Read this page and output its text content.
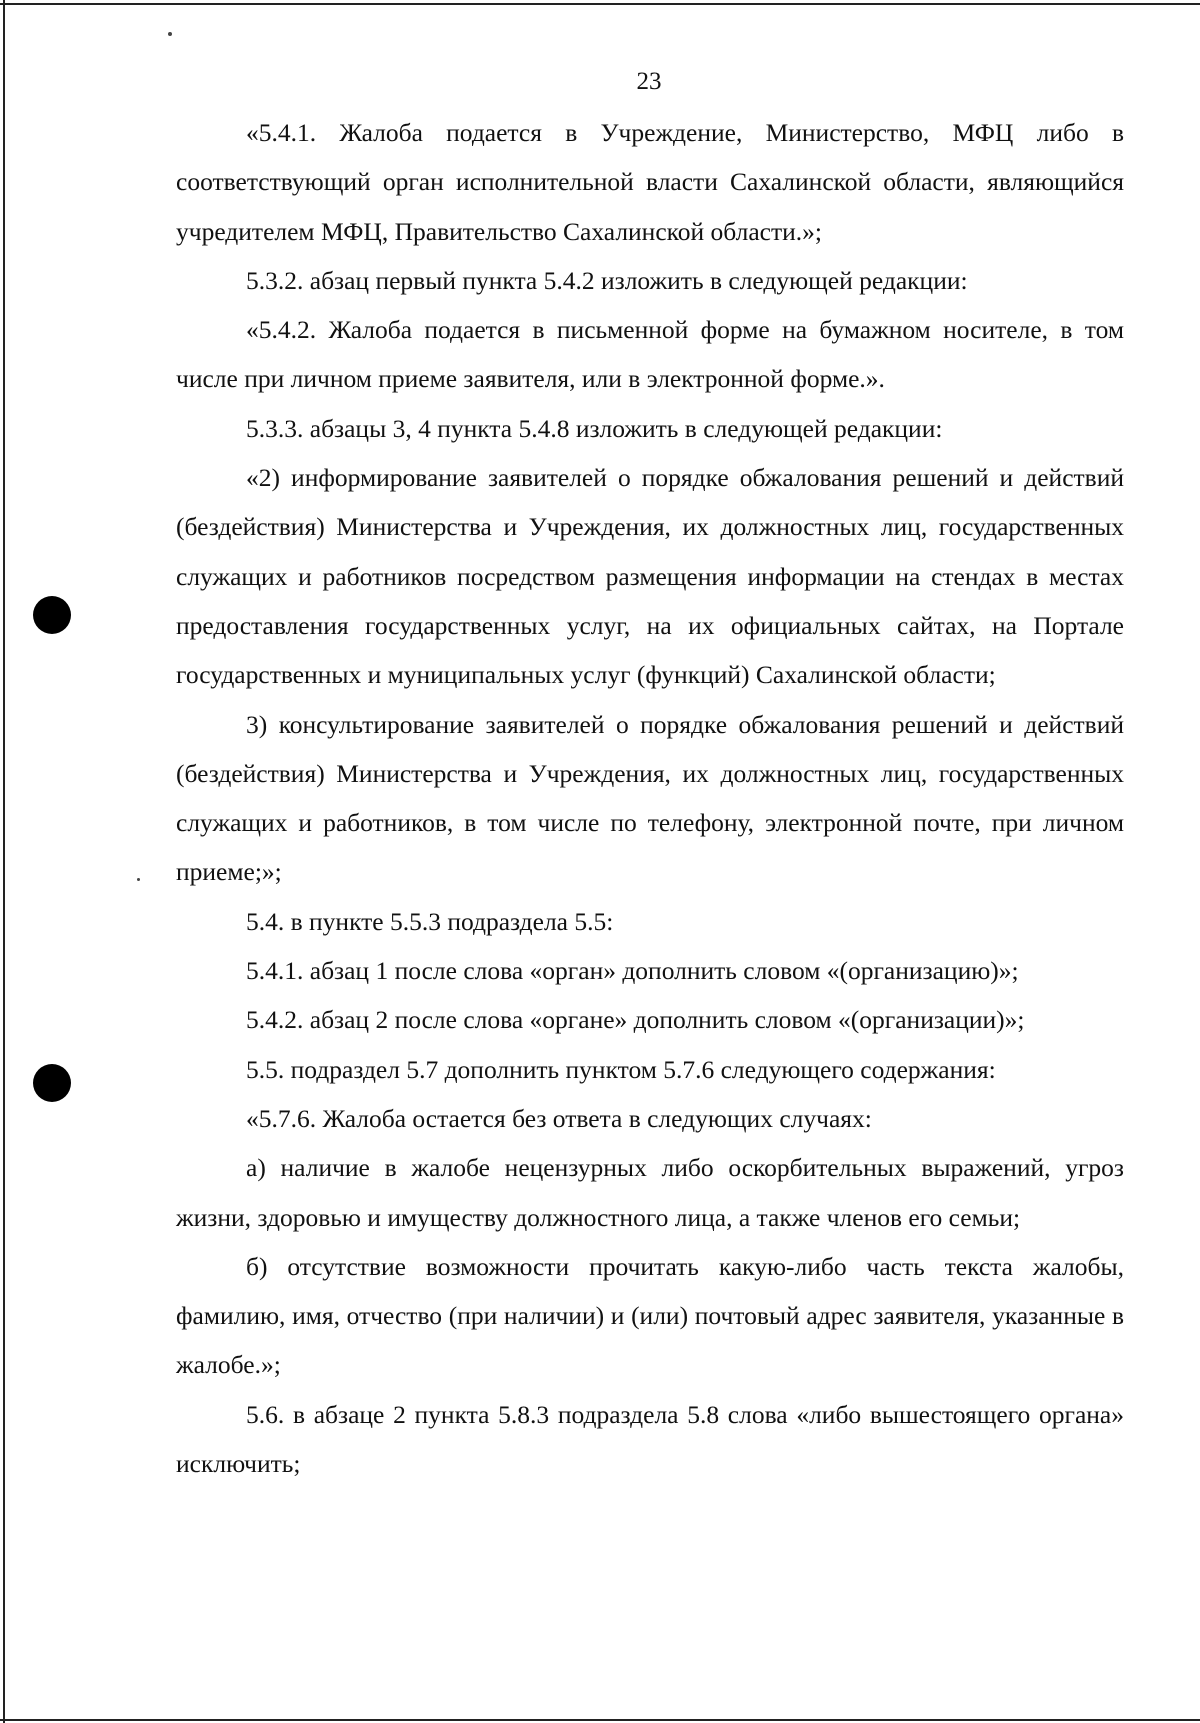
23

«5.4.1. Жалоба подается в Учреждение, Министерство, МФЦ либо в соответствующий орган исполнительной власти Сахалинской области, являющийся учредителем МФЦ, Правительство Сахалинской области.»;

5.3.2. абзац первый пункта 5.4.2 изложить в следующей редакции:

«5.4.2. Жалоба подается в письменной форме на бумажном носителе, в том числе при личном приеме заявителя, или в электронной форме.».

5.3.3. абзацы 3, 4 пункта 5.4.8 изложить в следующей редакции:

«2) информирование заявителей о порядке обжалования решений и действий (бездействия) Министерства и Учреждения, их должностных лиц, государственных служащих и работников посредством размещения информации на стендах в местах предоставления государственных услуг, на их официальных сайтах, на Портале государственных и муниципальных услуг (функций) Сахалинской области;

3) консультирование заявителей о порядке обжалования решений и действий (бездействия) Министерства и Учреждения, их должностных лиц, государственных служащих и работников, в том числе по телефону, электронной почте, при личном приеме;»;

5.4. в пункте 5.5.3 подраздела 5.5:

5.4.1. абзац 1 после слова «орган» дополнить словом «(организацию)»;

5.4.2. абзац 2 после слова «органе» дополнить словом «(организации)»;

5.5. подраздел 5.7 дополнить пунктом 5.7.6 следующего содержания:

«5.7.6. Жалоба остается без ответа в следующих случаях:

а) наличие в жалобе нецензурных либо оскорбительных выражений, угроз жизни, здоровью и имуществу должностного лица, а также членов его семьи;

б) отсутствие возможности прочитать какую-либо часть текста жалобы, фамилию, имя, отчество (при наличии) и (или) почтовый адрес заявителя, указанные в жалобе.»;

5.6. в абзаце 2 пункта 5.8.3 подраздела 5.8 слова «либо вышестоящего органа» исключить;
